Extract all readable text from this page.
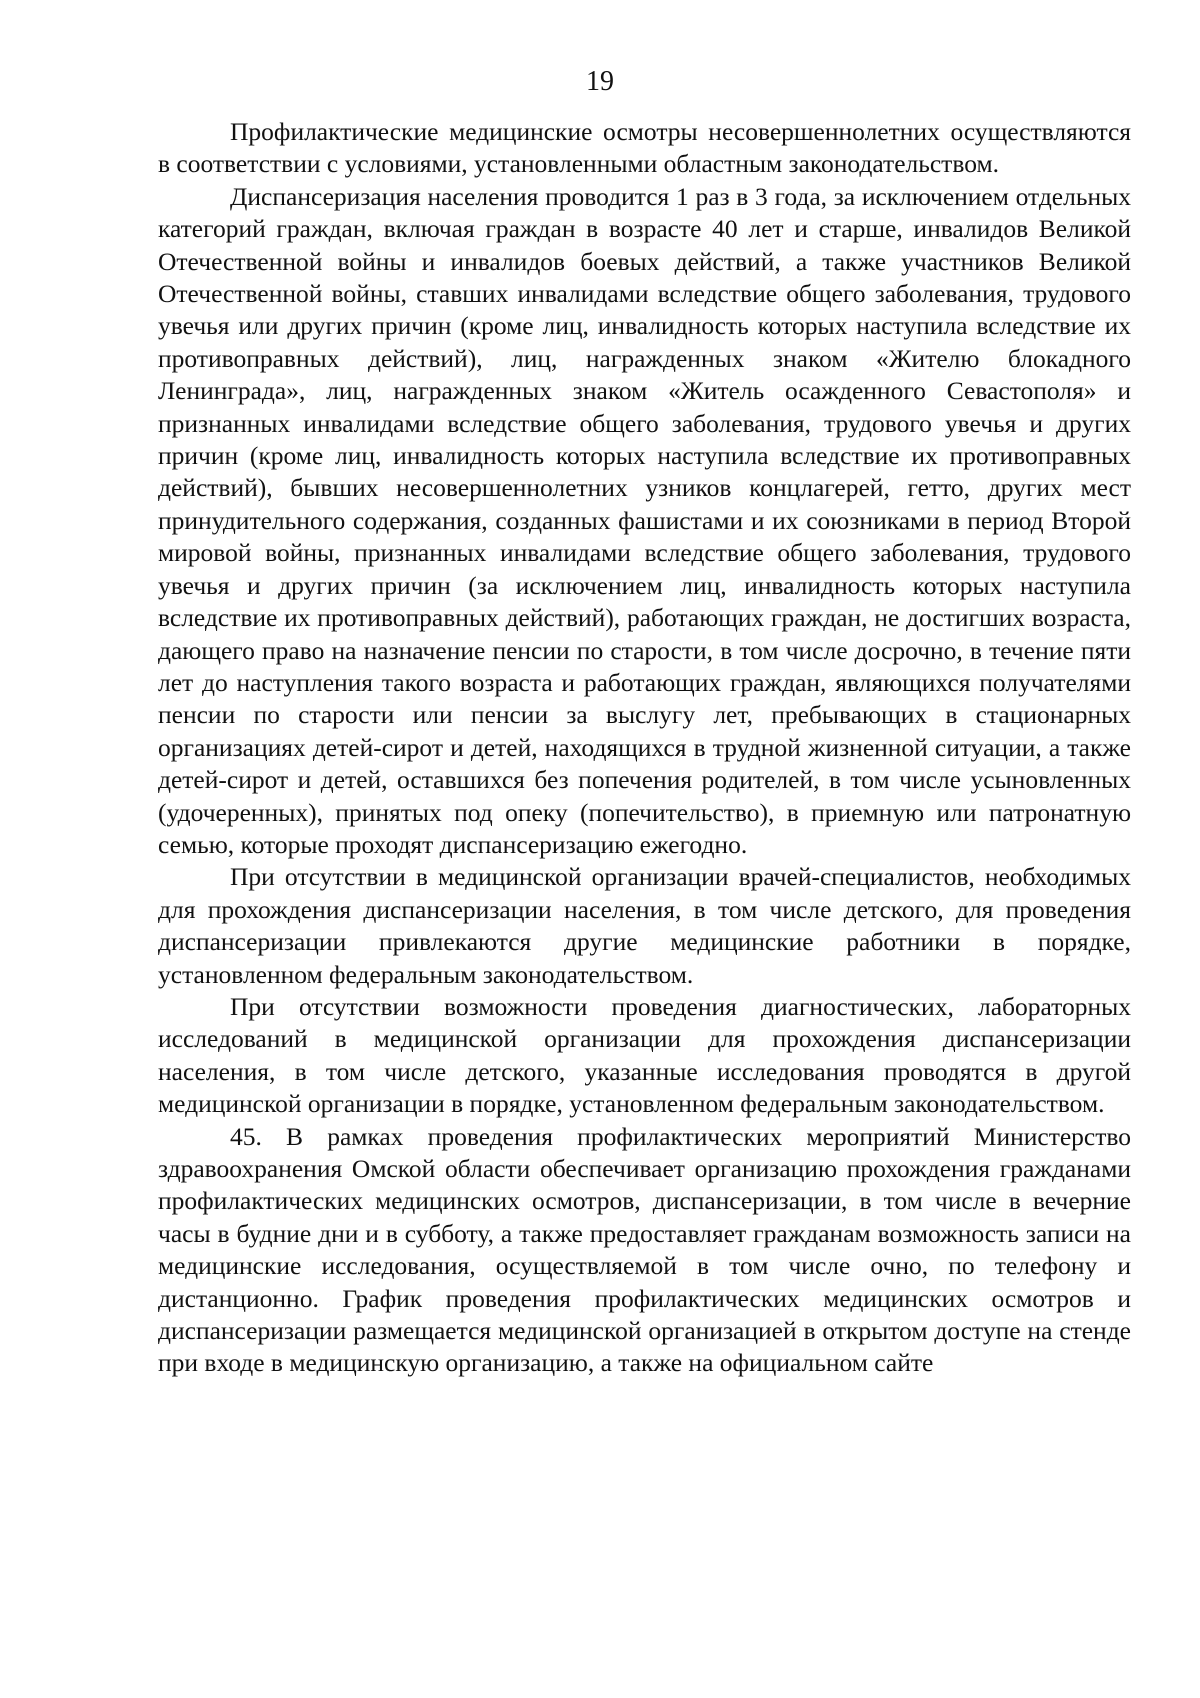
19

Профилактические медицинские осмотры несовершеннолетних осуществляются в соответствии с условиями, установленными областным законодательством.

Диспансеризация населения проводится 1 раз в 3 года, за исключением отдельных категорий граждан, включая граждан в возрасте 40 лет и старше, инвалидов Великой Отечественной войны и инвалидов боевых действий, а также участников Великой Отечественной войны, ставших инвалидами вследствие общего заболевания, трудового увечья или других причин (кроме лиц, инвалидность которых наступила вследствие их противоправных действий), лиц, награжденных знаком «Жителю блокадного Ленинграда», лиц, награжденных знаком «Житель осажденного Севастополя» и признанных инвалидами вследствие общего заболевания, трудового увечья и других причин (кроме лиц, инвалидность которых наступила вследствие их противоправных действий), бывших несовершеннолетних узников концлагерей, гетто, других мест принудительного содержания, созданных фашистами и их союзниками в период Второй мировой войны, признанных инвалидами вследствие общего заболевания, трудового увечья и других причин (за исключением лиц, инвалидность которых наступила вследствие их противоправных действий), работающих граждан, не достигших возраста, дающего право на назначение пенсии по старости, в том числе досрочно, в течение пяти лет до наступления такого возраста и работающих граждан, являющихся получателями пенсии по старости или пенсии за выслугу лет, пребывающих в стационарных организациях детей-сирот и детей, находящихся в трудной жизненной ситуации, а также детей-сирот и детей, оставшихся без попечения родителей, в том числе усыновленных (удочеренных), принятых под опеку (попечительство), в приемную или патронатную семью, которые проходят диспансеризацию ежегодно.

При отсутствии в медицинской организации врачей-специалистов, необходимых для прохождения диспансеризации населения, в том числе детского, для проведения диспансеризации привлекаются другие медицинские работники в порядке, установленном федеральным законодательством.

При отсутствии возможности проведения диагностических, лабораторных исследований в медицинской организации для прохождения диспансеризации населения, в том числе детского, указанные исследования проводятся в другой медицинской организации в порядке, установленном федеральным законодательством.

45. В рамках проведения профилактических мероприятий Министерство здравоохранения Омской области обеспечивает организацию прохождения гражданами профилактических медицинских осмотров, диспансеризации, в том числе в вечерние часы в будние дни и в субботу, а также предоставляет гражданам возможность записи на медицинские исследования, осуществляемой в том числе очно, по телефону и дистанционно. График проведения профилактических медицинских осмотров и диспансеризации размещается медицинской организацией в открытом доступе на стенде при входе в медицинскую организацию, а также на официальном сайте
